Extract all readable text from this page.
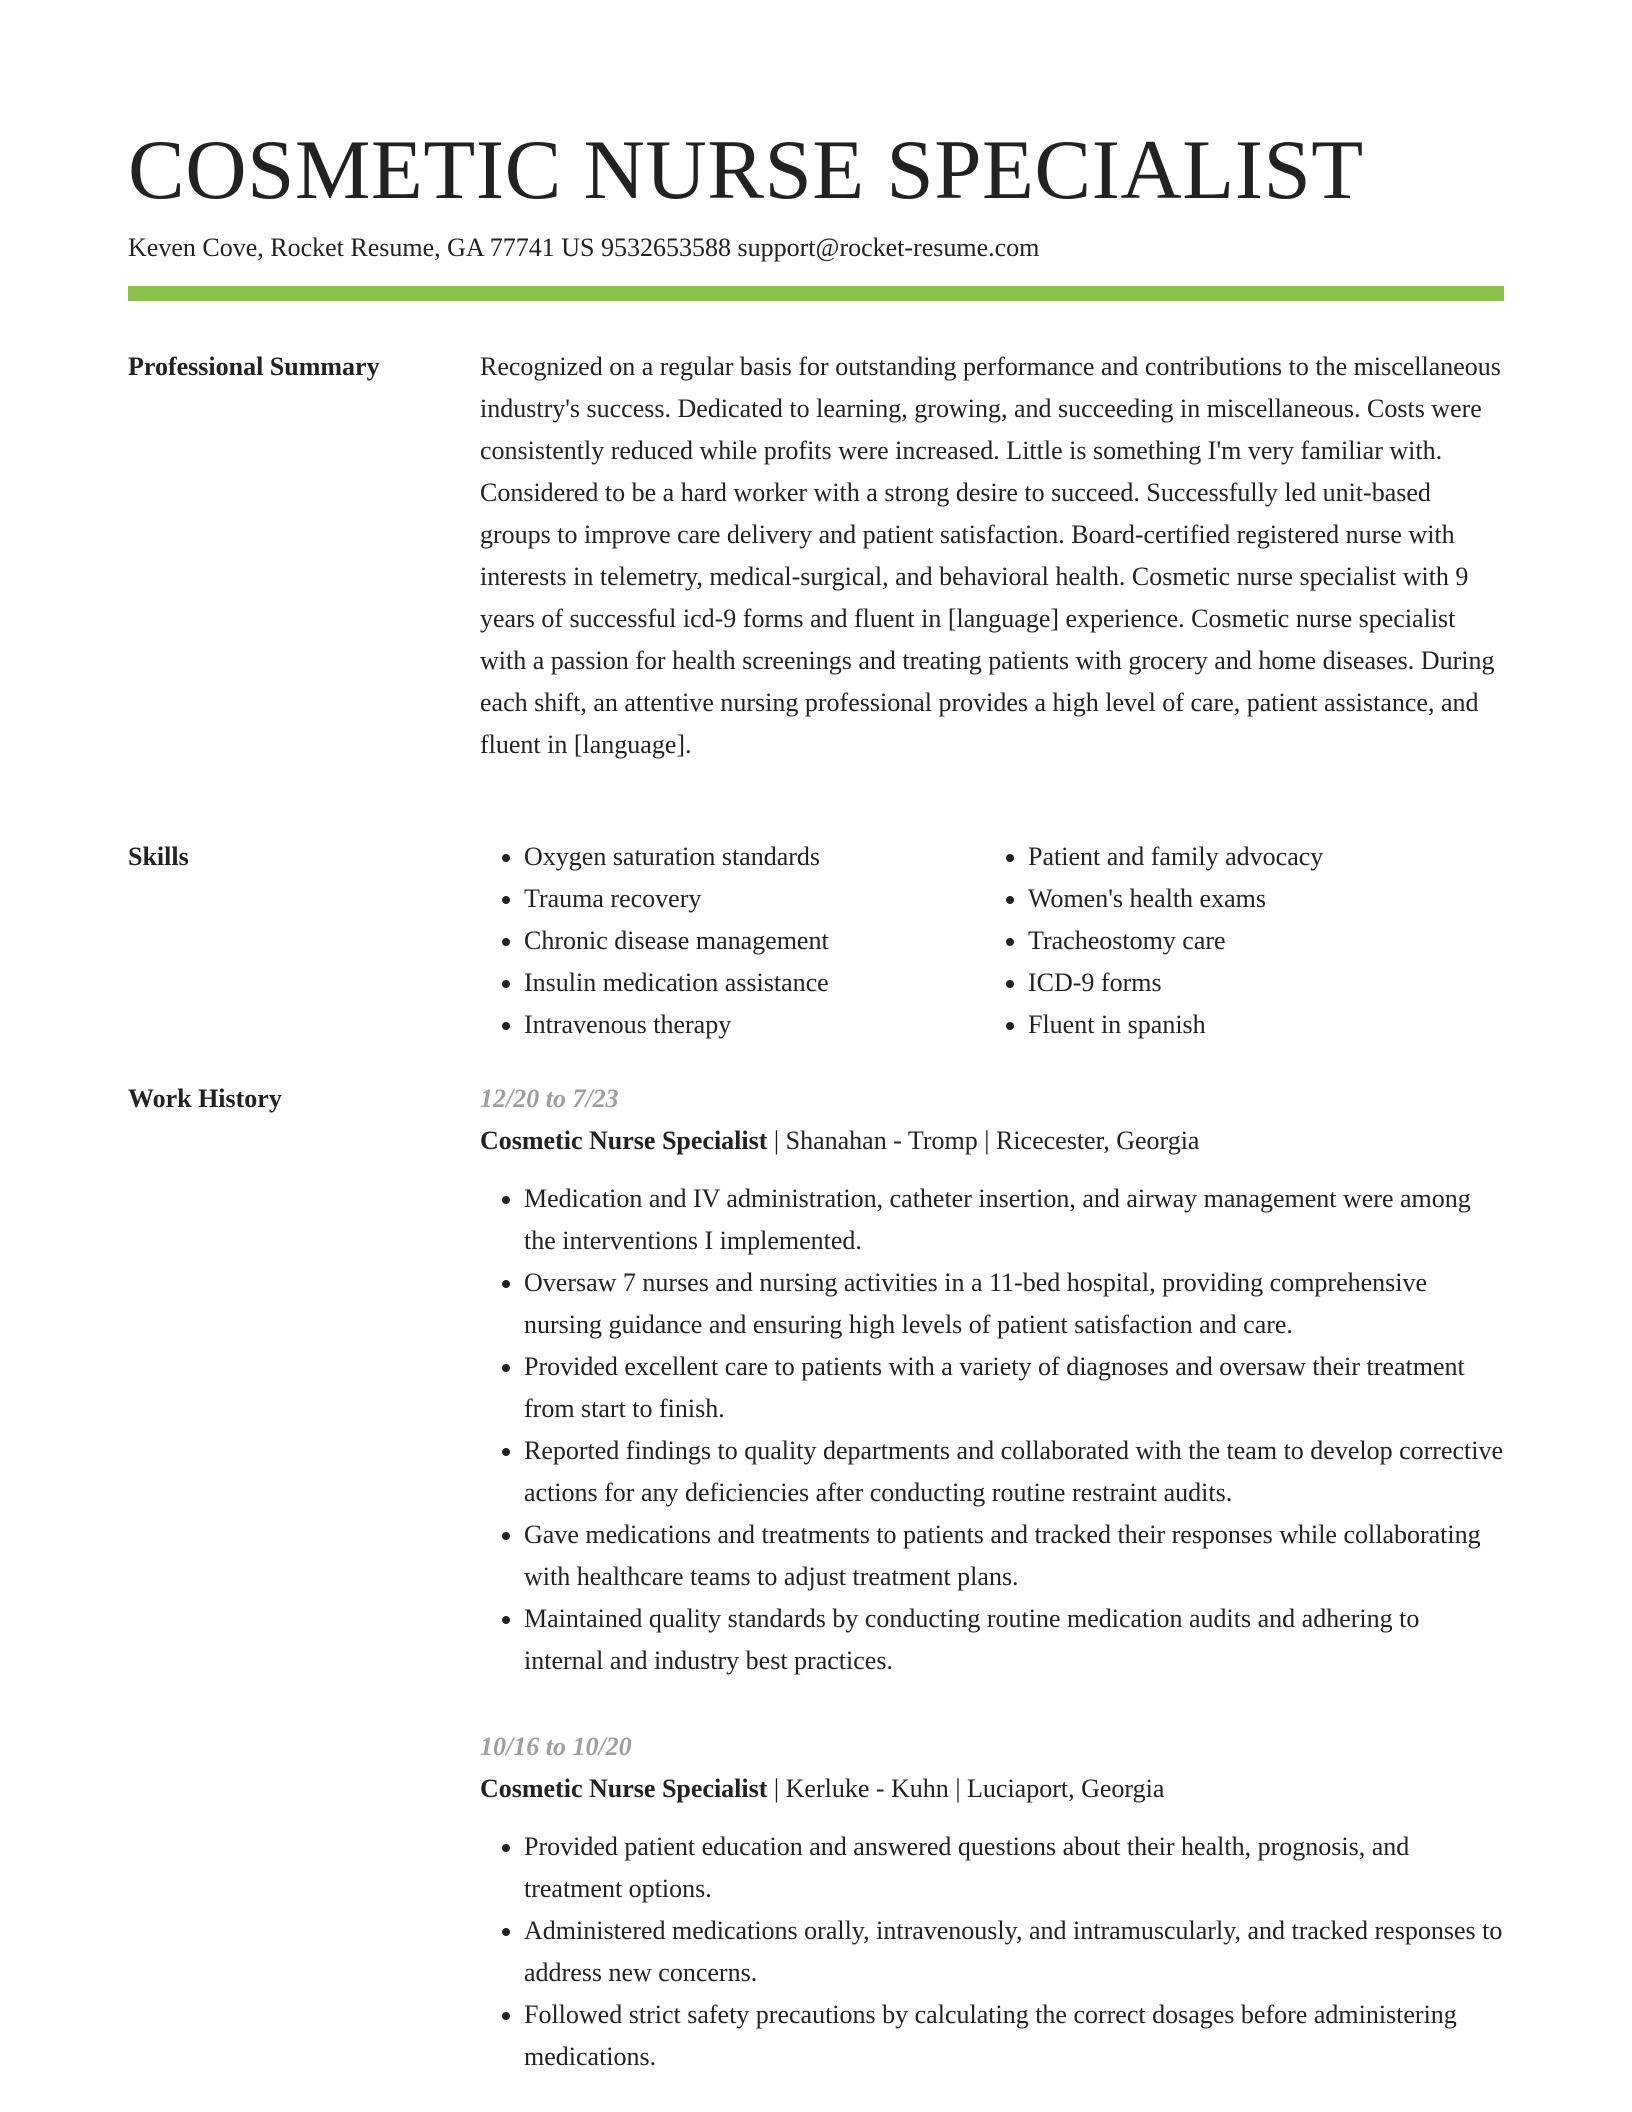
COSMETIC NURSE SPECIALIST
Keven Cove, Rocket Resume, GA 77741 US 9532653588 support@rocket-resume.com
Professional Summary	Recognized on a regular basis for outstanding performance and contributions to the miscellaneous industry's success. Dedicated to learning, growing, and succeeding in miscellaneous. Costs were consistently reduced while profits were increased. Little is something I'm very familiar with. Considered to be a hard worker with a strong desire to succeed. Successfully led unit-based groups to improve care delivery and patient satisfaction. Board-certified registered nurse with interests in telemetry, medical-surgical, and behavioral health. Cosmetic nurse specialist with 9 years of successful icd-9 forms and fluent in [language] experience. Cosmetic nurse specialist with a passion for health screenings and treating patients with grocery and home diseases. During each shift, an attentive nursing professional provides a high level of care, patient assistance, and fluent in [language].

Skills
•	Oxygen saturation standards
• Trauma recovery
• Chronic disease management
• Insulin medication assistance
• Intravenous therapy
• Patient and family advocacy
• Women's health exams
• Tracheostomy care
• ICD-9 forms
• Fluent in spanish
Work History	12/20 to 7/23
Cosmetic Nurse Specialist | Shanahan - Tromp | Ricecester, Georgia
• Medication and IV administration, catheter insertion, and airway management were among the interventions I implemented.
• Oversaw 7 nurses and nursing activities in a 11-bed hospital, providing comprehensive nursing guidance and ensuring high levels of patient satisfaction and care.
• Provided excellent care to patients with a variety of diagnoses and oversaw their treatment from start to finish.
• Reported findings to quality departments and collaborated with the team to develop corrective actions for any deficiencies after conducting routine restraint audits.
• Gave medications and treatments to patients and tracked their responses while collaborating with healthcare teams to adjust treatment plans.
• Maintained quality standards by conducting routine medication audits and adhering to internal and industry best practices.
10/16 to 10/20
Cosmetic Nurse Specialist | Kerluke - Kuhn | Luciaport, Georgia
• Provided patient education and answered questions about their health, prognosis, and treatment options.
• Administered medications orally, intravenously, and intramuscularly, and tracked responses to address new concerns.
• Followed strict safety precautions by calculating the correct dosages before administering medications.
